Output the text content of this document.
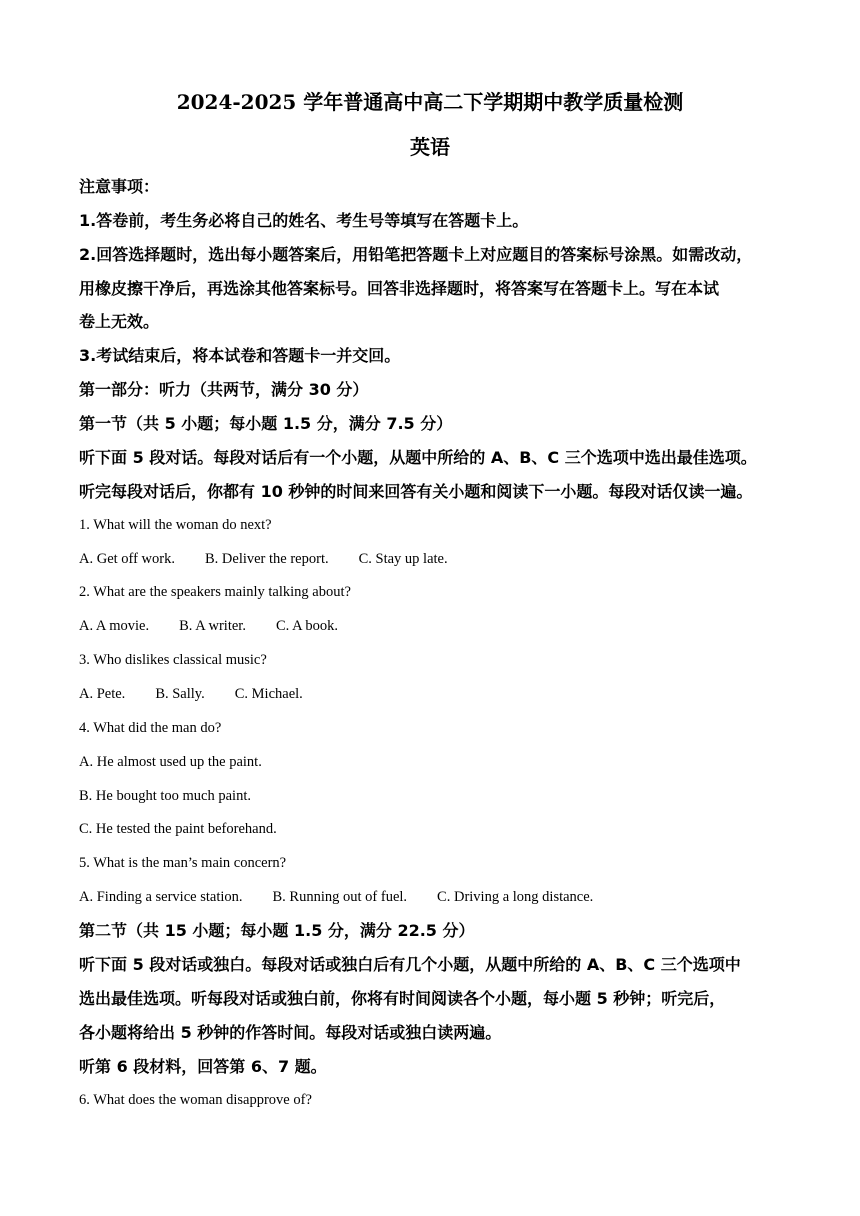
2024-2025 学年普通高中高二下学期期中教学质量检测
英语
注意事项：
1.答卷前，考生务必将自己的姓名、考生号等填写在答题卡上。
2.回答选择题时，选出每小题答案后，用铅笔把答题卡上对应题目的答案标号涂黑。如需改动，
用橡皮擦干净后，再选涂其他答案标号。回答非选择题时，将答案写在答题卡上。写在本试
卷上无效。
3.考试结束后，将本试卷和答题卡一并交回。
第一部分：听力（共两节，满分 30 分）
第一节（共 5 小题；每小题 1.5 分，满分 7.5 分）
听下面 5 段对话。每段对话后有一个小题，从题中所给的 A、B、C 三个选项中选出最佳选项。
听完每段对话后，你都有 10 秒钟的时间来回答有关小题和阅读下一小题。每段对话仅读一遍。
1. What will the woman do next?
A. Get off work. B. Deliver the report. C. Stay up late.
2. What are the speakers mainly talking about?
A. A movie. B. A writer. C. A book.
3. Who dislikes classical music?
A. Pete. B. Sally. C. Michael.
4. What did the man do?
A. He almost used up the paint.
B. He bought too much paint.
C. He tested the paint beforehand.
5. What is the man’s main concern?
A. Finding a service station. B. Running out of fuel. C. Driving a long distance.
第二节（共 15 小题；每小题 1.5 分，满分 22.5 分）
听下面 5 段对话或独白。每段对话或独白后有几个小题，从题中所给的 A、B、C 三个选项中
选出最佳选项。听每段对话或独白前，你将有时间阅读各个小题，每小题 5 秒钟；听完后，
各小题将给出 5 秒钟的作答时间。每段对话或独白读两遍。
听第 6 段材料，回答第 6、7 题。
6. What does the woman disapprove of?
